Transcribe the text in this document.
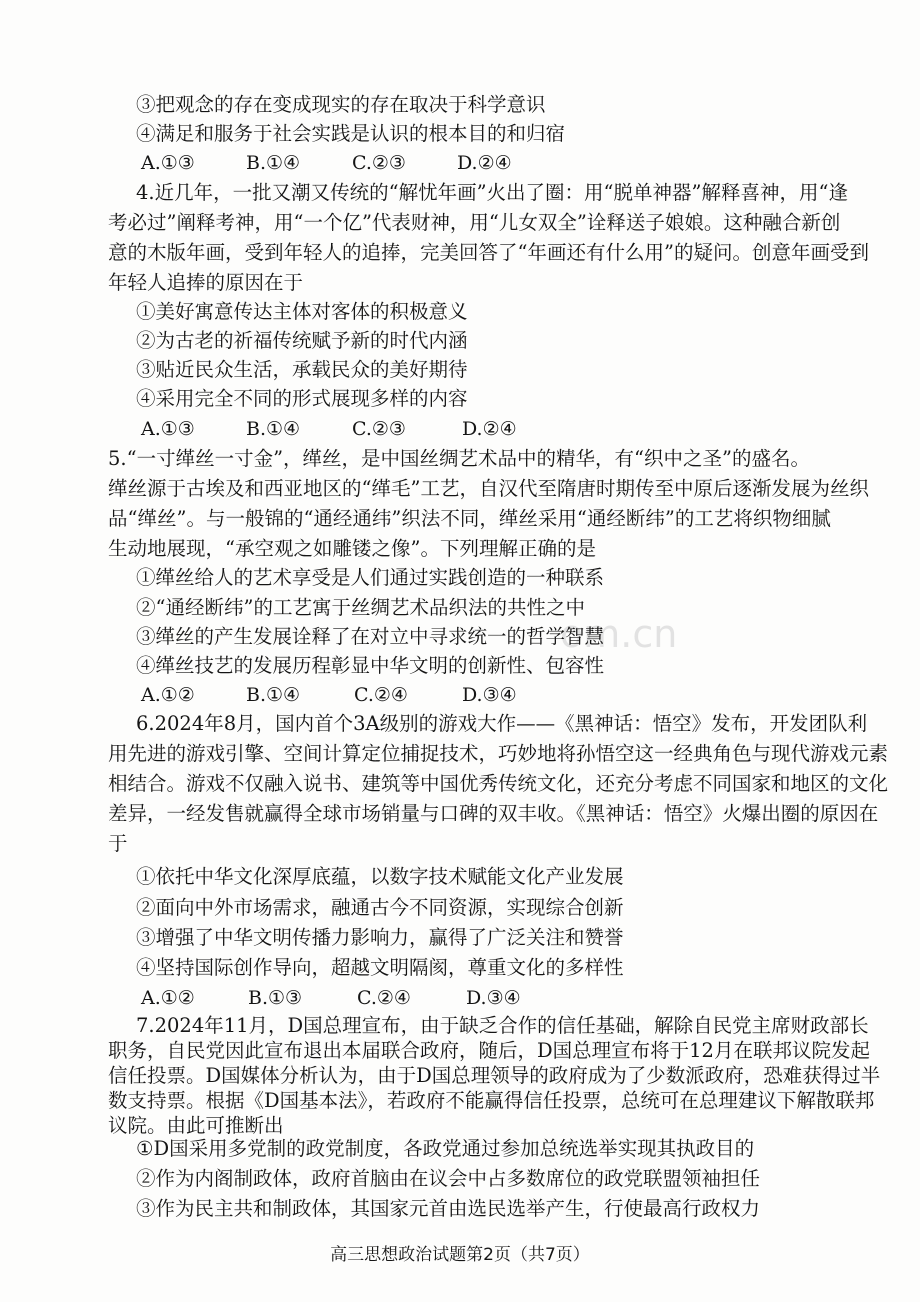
om.cn
③把观念的存在变成现实的存在取决于科学意识
④满足和服务于社会实践是认识的根本目的和归宿
A.①③	B.①④	C.②③	D.②④
4.近几年，一批又潮又传统的“解忧年画”火出了圈：用“脱单神器”解释喜神，用“逢
考必过”阐释考神，用“一个亿”代表财神，用“儿女双全”诠释送子娘娘。这种融合新创
意的木版年画，受到年轻人的追捧，完美回答了“年画还有什么用”的疑问。创意年画受到
年轻人追捧的原因在于
①美好寓意传达主体对客体的积极意义
②为古老的祈福传统赋予新的时代内涵
③贴近民众生活，承载民众的美好期待
④采用完全不同的形式展现多样的内容
A.①③	B.①④	C.②③	D.②④
5.“一寸缂丝一寸金”，缂丝，是中国丝绸艺术品中的精华，有“织中之圣”的盛名。
缂丝源于古埃及和西亚地区的“缂毛”工艺，自汉代至隋唐时期传至中原后逐渐发展为丝织
品“缂丝”。与一般锦的“通经通纬”织法不同，缂丝采用“通经断纬”的工艺将织物细腻
生动地展现，“承空观之如雕镂之像”。下列理解正确的是
①缂丝给人的艺术享受是人们通过实践创造的一种联系
②“通经断纬”的工艺寓于丝绸艺术品织法的共性之中
③缂丝的产生发展诠释了在对立中寻求统一的哲学智慧
④缂丝技艺的发展历程彰显中华文明的创新性、包容性
A.①②	B.①④	C.②④	D.③④
6.2024年8月，国内首个3A级别的游戏大作——《黑神话：悟空》发布，开发团队利
用先进的游戏引擎、空间计算定位捕捉技术，巧妙地将孙悟空这一经典角色与现代游戏元素
相结合。游戏不仅融入说书、建筑等中国优秀传统文化，还充分考虑不同国家和地区的文化
差异，一经发售就赢得全球市场销量与口碑的双丰收。《黑神话：悟空》火爆出圈的原因在
于
①依托中华文化深厚底蕴，以数字技术赋能文化产业发展
②面向中外市场需求，融通古今不同资源，实现综合创新
③增强了中华文明传播力影响力，赢得了广泛关注和赞誉
④坚持国际创作导向，超越文明隔阂，尊重文化的多样性
A.①②	B.①③	C.②④	D.③④
7.2024年11月，D国总理宣布，由于缺乏合作的信任基础，解除自民党主席财政部长
职务，自民党因此宣布退出本届联合政府，随后，D国总理宣布将于12月在联邦议院发起
信任投票。D国媒体分析认为，由于D国总理领导的政府成为了少数派政府，恐难获得过半
数支持票。根据《D国基本法》，若政府不能赢得信任投票，总统可在总理建议下解散联邦
议院。由此可推断出
①D国采用多党制的政党制度，各政党通过参加总统选举实现其执政目的
②作为内阁制政体，政府首脑由在议会中占多数席位的政党联盟领袖担任
高三思想政治试题第2页（共7页）
③作为民主共和制政体，其国家元首由选民选举产生，行使最高行政权力
